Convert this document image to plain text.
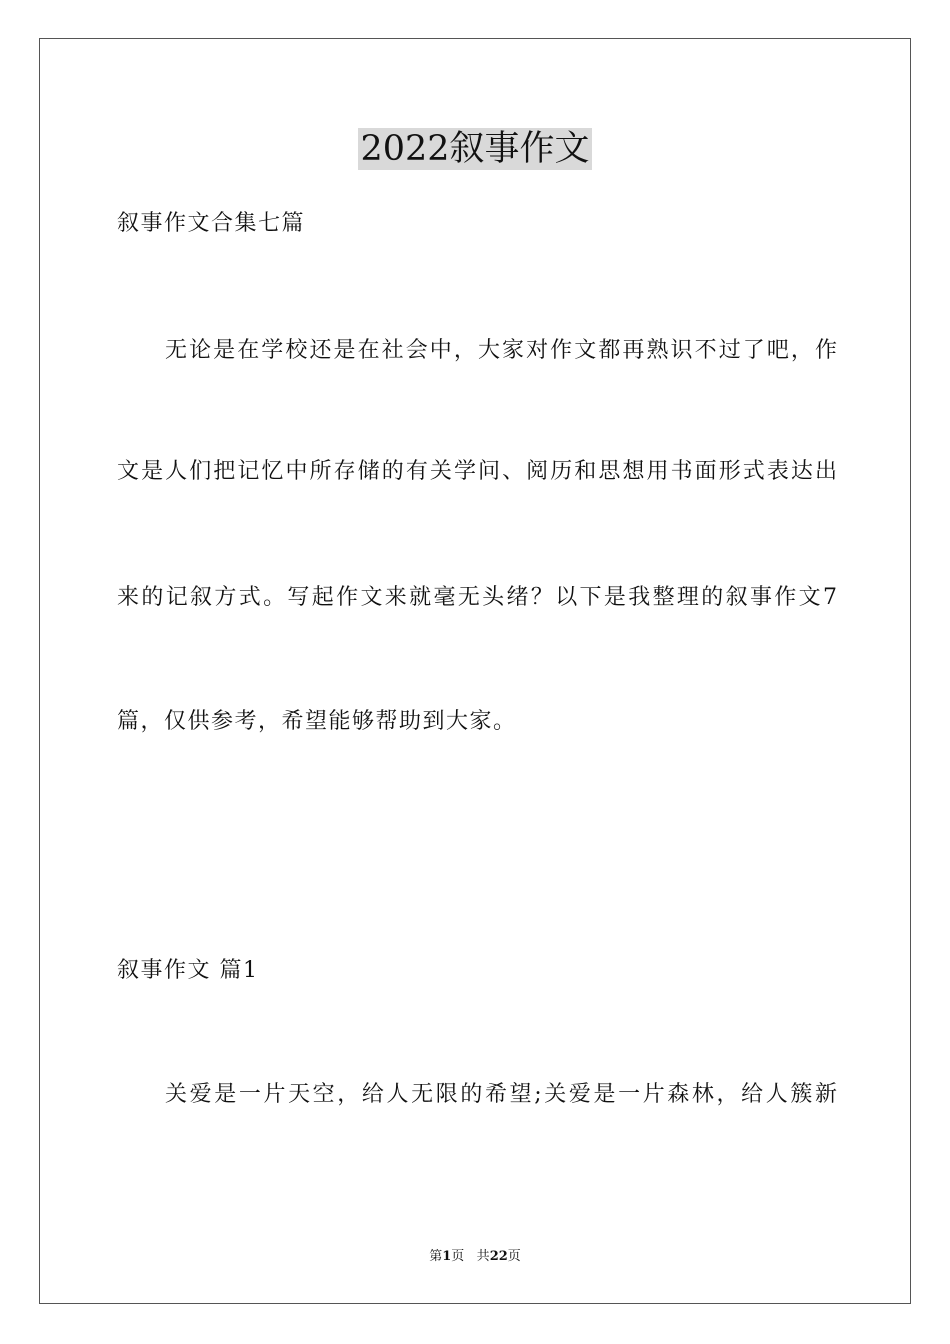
2022叙事作文
叙事作文合集七篇
无论是在学校还是在社会中，大家对作文都再熟识不过了吧，作
文是人们把记忆中所存储的有关学问、阅历和思想用书面形式表达出
来的记叙方式。写起作文来就毫无头绪？以下是我整理的叙事作文7
篇，仅供参考，希望能够帮助到大家。
叙事作文 篇1
关爱是一片天空，给人无限的希望;关爱是一片森林，给人簇新
第1页 共22页
